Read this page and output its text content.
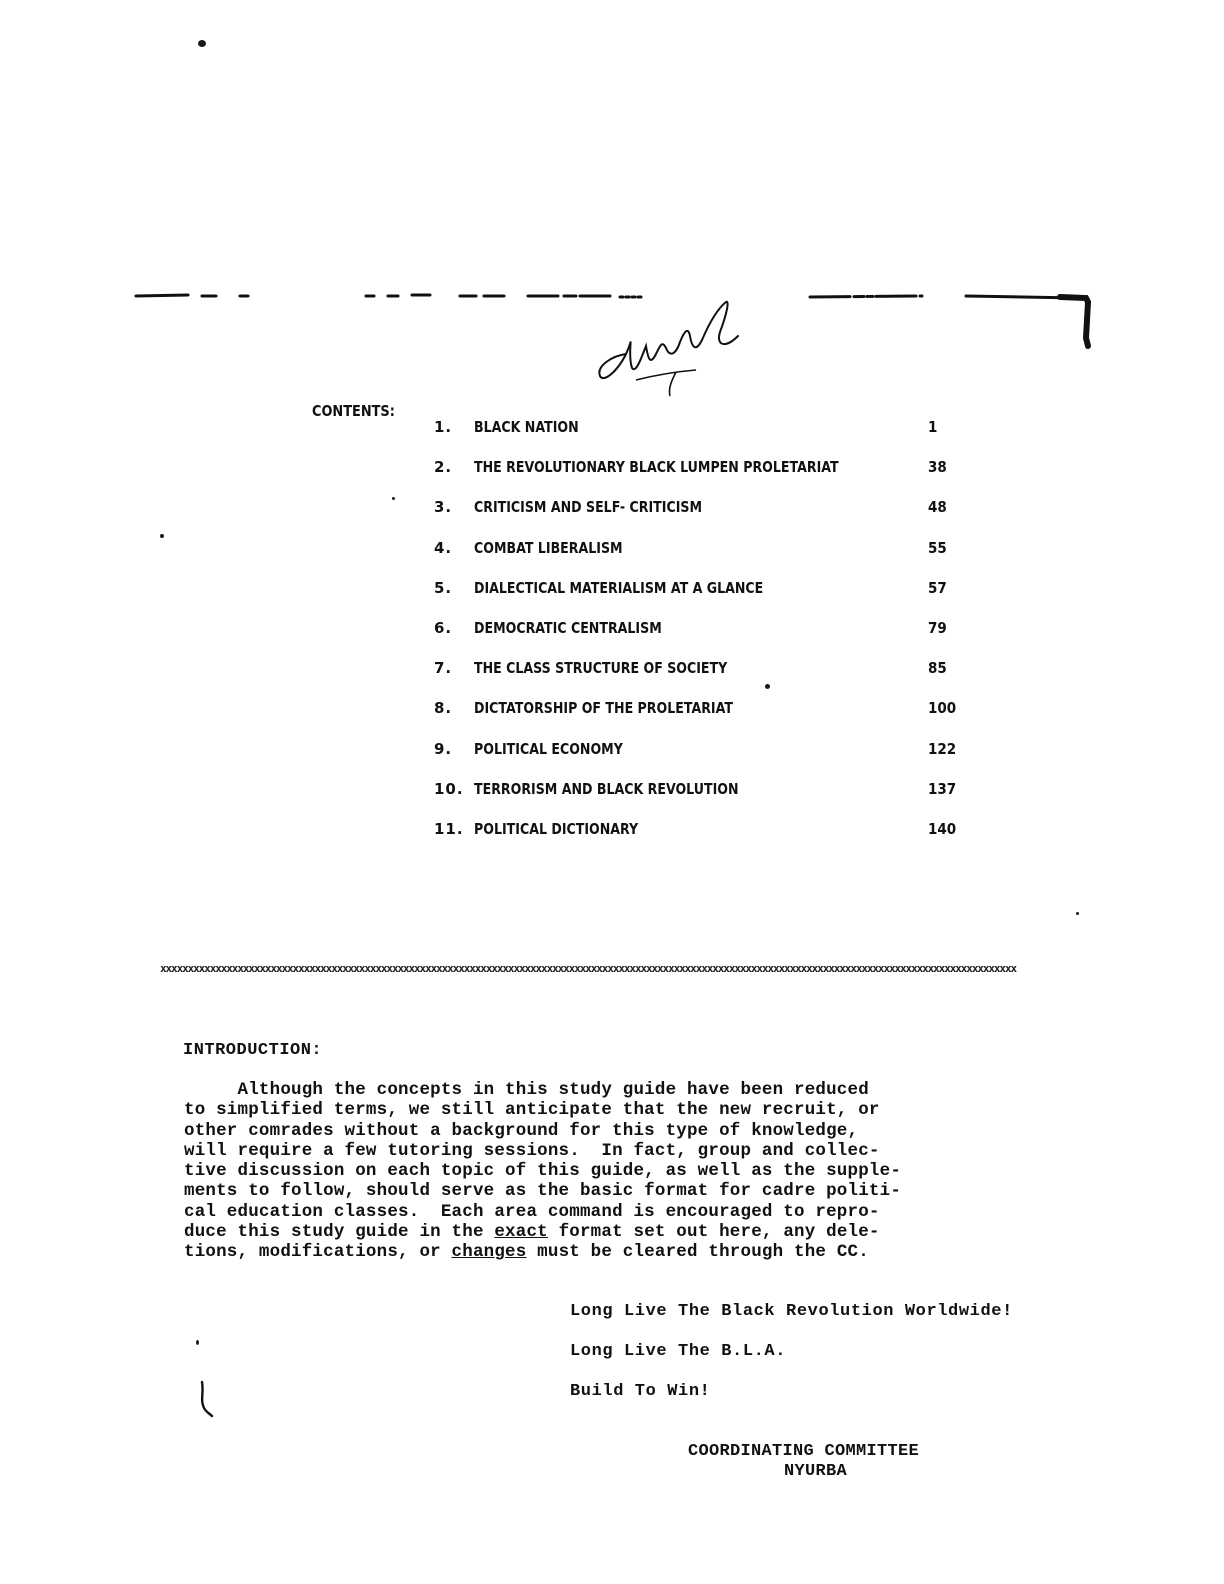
CONTENTS:
1. BLACK NATION	1
2. THE REVOLUTIONARY BLACK LUMPEN PROLETARIAT	38
3. CRITICISM AND SELF- CRITICISM	48
4. COMBAT LIBERALISM	55
5. DIALECTICAL MATERIALISM AT A GLANCE	57
6. DEMOCRATIC CENTRALISM	79
7. THE CLASS STRUCTURE OF SOCIETY	85
8. DICTATORSHIP OF THE PROLETARIAT	100
9. POLITICAL ECONOMY	122
10. TERRORISM AND BLACK REVOLUTION	137
11. POLITICAL DICTIONARY	140
xxxxxxxxxxxxxxxxxxxxxxxxxxxxxxxxxxxxxxxxxxxxxxxxxxxxxxxxxxxxxxxxxxxxxxxxxxxxxxxxxxxxxxxxxxxxxxxxxxxxxxxxxxxxxxxxxxxxxxxxxxxxxxxxxxxxxxxxxxxxxxxxxxxxxxxxxxx
INTRODUCTION:
Although the concepts in this study guide have been reduced
to simplified terms, we still anticipate that the new recruit, or
other comrades without a background for this type of knowledge,
will require a few tutoring sessions.  In fact, group and collec-
tive discussion on each topic of this guide, as well as the supple-
ments to follow, should serve as the basic format for cadre politi-
cal education classes.  Each area command is encouraged to repro-
duce this study guide in the exact format set out here, any dele-
tions, modifications, or changes must be cleared through the CC.
Long Live The Black Revolution Worldwide!
Long Live The B.L.A.
Build To Win!
COORDINATING COMMITTEE
NYURBA
